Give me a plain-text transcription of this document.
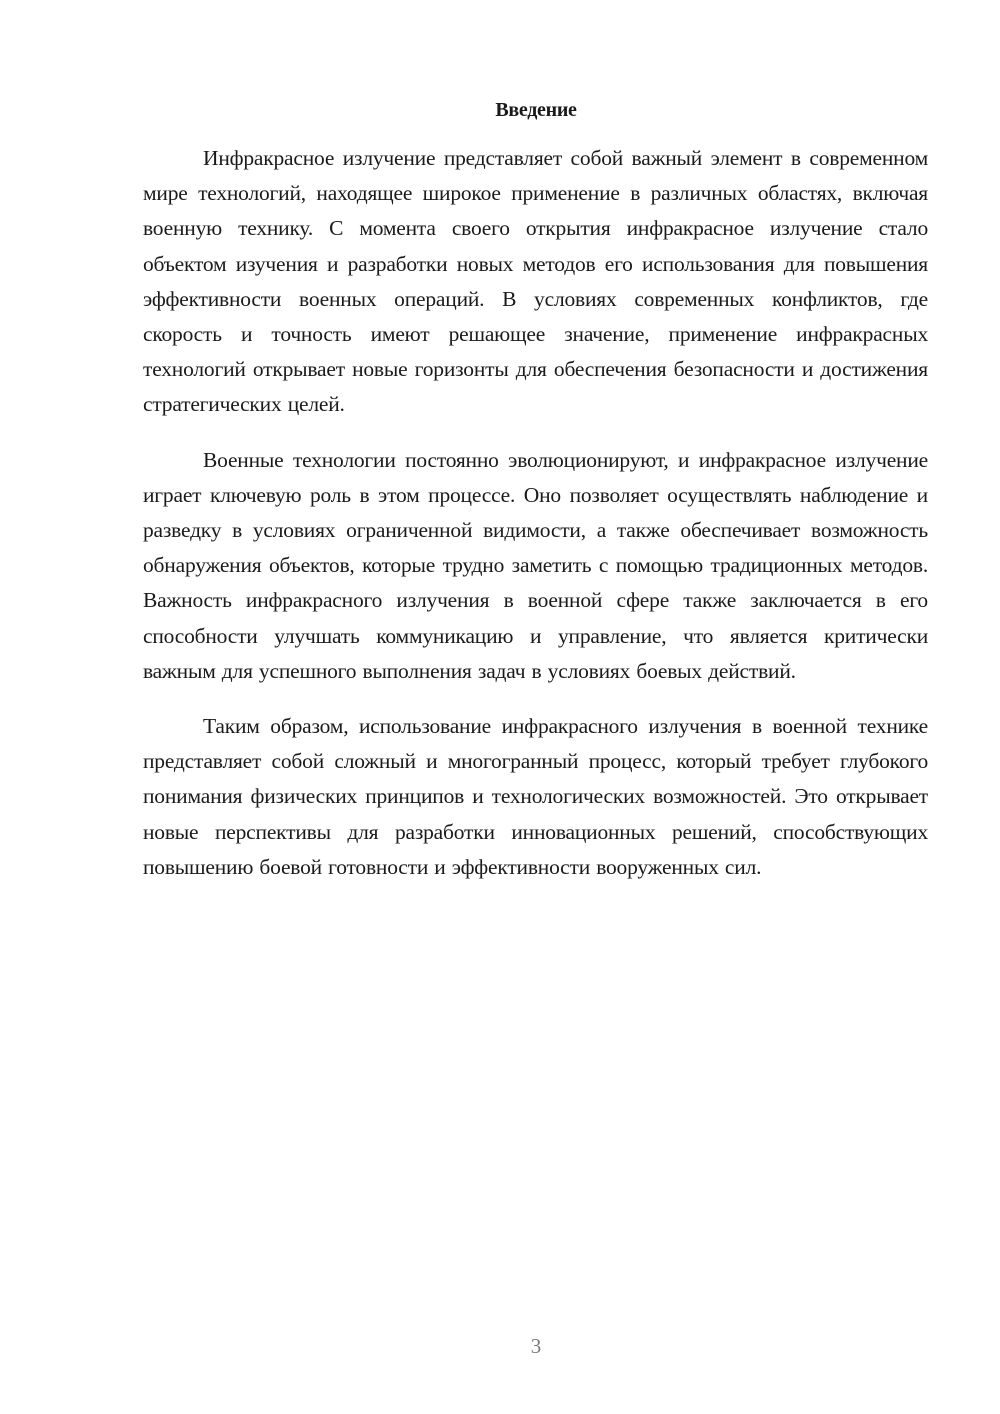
Введение

Инфракрасное излучение представляет собой важный элемент в современном мире технологий, находящее широкое применение в различных областях, включая военную технику. С момента своего открытия инфракрасное излучение стало объектом изучения и разработки новых методов его использования для повышения эффективности военных операций. В условиях современных конфликтов, где скорость и точность имеют решающее значение, применение инфракрасных технологий открывает новые горизонты для обеспечения безопасности и достижения стратегических целей.

Военные технологии постоянно эволюционируют, и инфракрасное излучение играет ключевую роль в этом процессе. Оно позволяет осуществлять наблюдение и разведку в условиях ограниченной видимости, а также обеспечивает возможность обнаружения объектов, которые трудно заметить с помощью традиционных методов. Важность инфракрасного излучения в военной сфере также заключается в его способности улучшать коммуникацию и управление, что является критически важным для успешного выполнения задач в условиях боевых действий.

Таким образом, использование инфракрасного излучения в военной технике представляет собой сложный и многогранный процесс, который требует глубокого понимания физических принципов и технологических возможностей. Это открывает новые перспективы для разработки инновационных решений, способствующих повышению боевой готовности и эффективности вооруженных сил.

3
